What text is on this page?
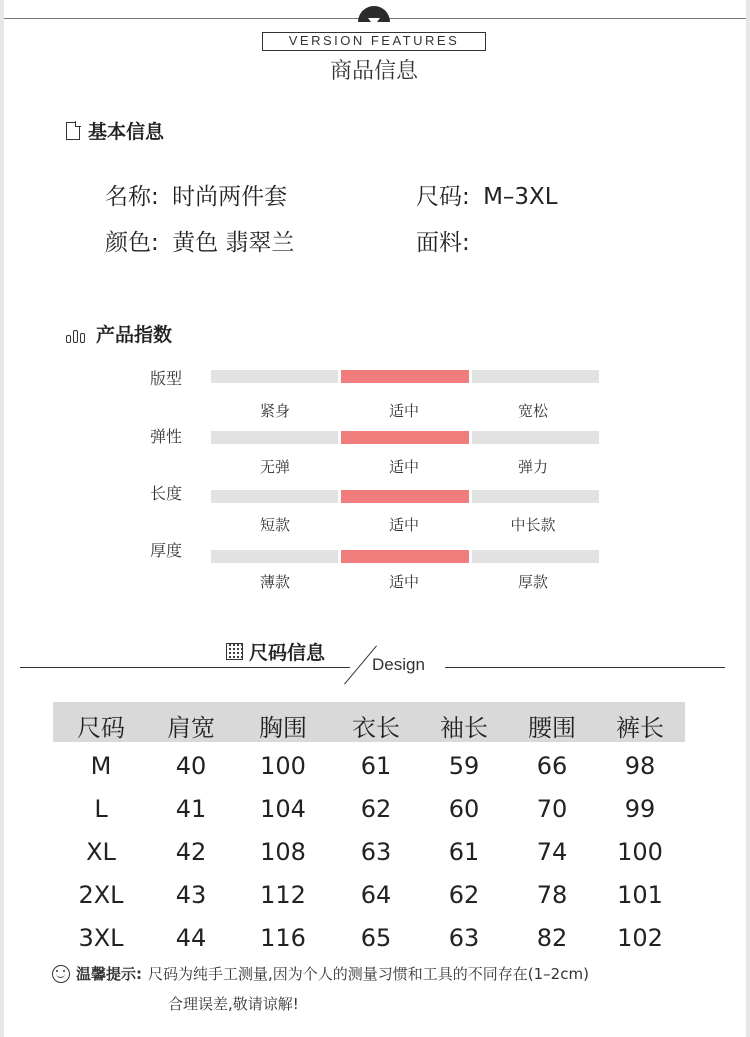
VERSION FEATURES
商品信息
基本信息
名称: 时尚两件套	尺码: M–3XL
颜色: 黄色 翡翠兰	面料:
产品指数
版型
紧身	适中	宽松
弹性
无弹	适中	弹力
长度
短款	适中	中长款
厚度
薄款	适中	厚款
尺码信息
Design
尺码	肩宽	胸围	衣长	袖长	腰围	裤长
M	40	100	61	59	66	98
L	41	104	62	60	70	99
XL	42	108	63	61	74	100
2XL	43	112	64	62	78	101
3XL	44	116	65	63	82	102
温馨提示: 尺码为纯手工测量,因为个人的测量习惯和工具的不同存在(1–2cm)
合理误差,敬请谅解!
